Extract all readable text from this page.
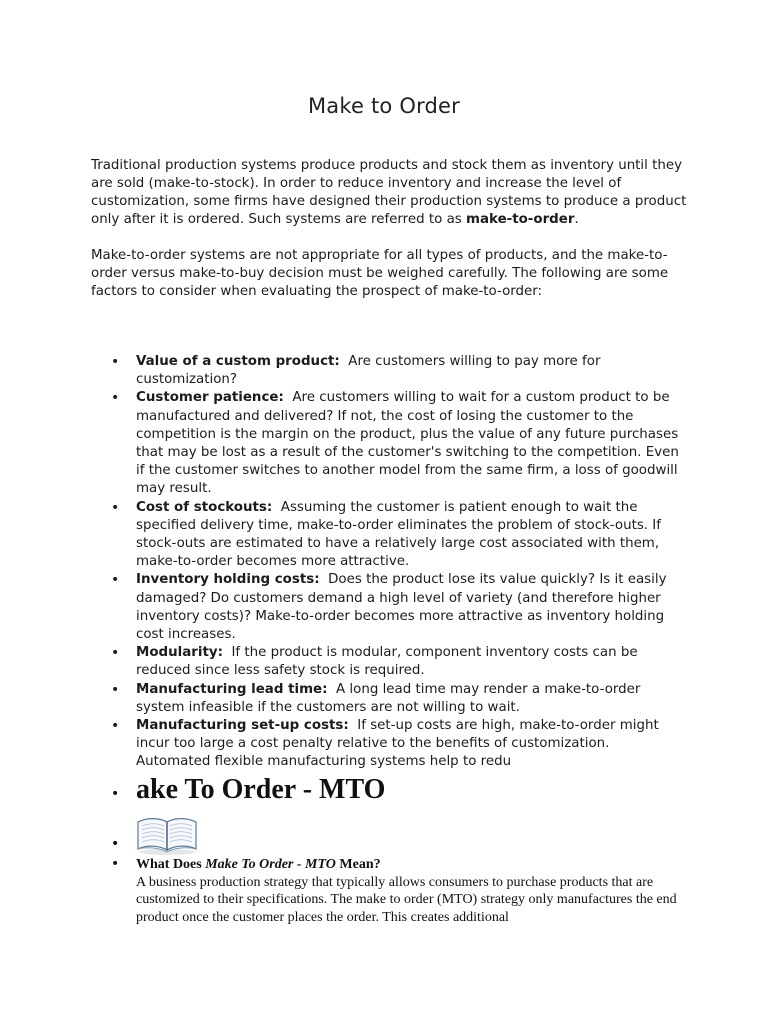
Make to Order
Traditional production systems produce products and stock them as inventory until they are sold (make-to-stock). In order to reduce inventory and increase the level of customization, some firms have designed their production systems to produce a product only after it is ordered. Such systems are referred to as make-to-order.
Make-to-order systems are not appropriate for all types of products, and the make-to-order versus make-to-buy decision must be weighed carefully. The following are some factors to consider when evaluating the prospect of make-to-order:
• Value of a custom product: Are customers willing to pay more for customization?
• Customer patience: Are customers willing to wait for a custom product to be manufactured and delivered? If not, the cost of losing the customer to the competition is the margin on the product, plus the value of any future purchases that may be lost as a result of the customer's switching to the competition. Even if the customer switches to another model from the same firm, a loss of goodwill may result.
• Cost of stockouts: Assuming the customer is patient enough to wait the specified delivery time, make-to-order eliminates the problem of stock-outs. If stock-outs are estimated to have a relatively large cost associated with them, make-to-order becomes more attractive.
• Inventory holding costs: Does the product lose its value quickly? Is it easily damaged? Do customers demand a high level of variety (and therefore higher inventory costs)? Make-to-order becomes more attractive as inventory holding cost increases.
• Modularity: If the product is modular, component inventory costs can be reduced since less safety stock is required.
• Manufacturing lead time: A long lead time may render a make-to-order system infeasible if the customers are not willing to wait.
• Manufacturing set-up costs: If set-up costs are high, make-to-order might incur too large a cost penalty relative to the benefits of customization. Automated flexible manufacturing systems help to redu
• ake To Order - MTO
•
• What Does Make To Order - MTO Mean?
A business production strategy that typically allows consumers to purchase products that are customized to their specifications. The make to order (MTO) strategy only manufactures the end product once the customer places the order. This creates additional
